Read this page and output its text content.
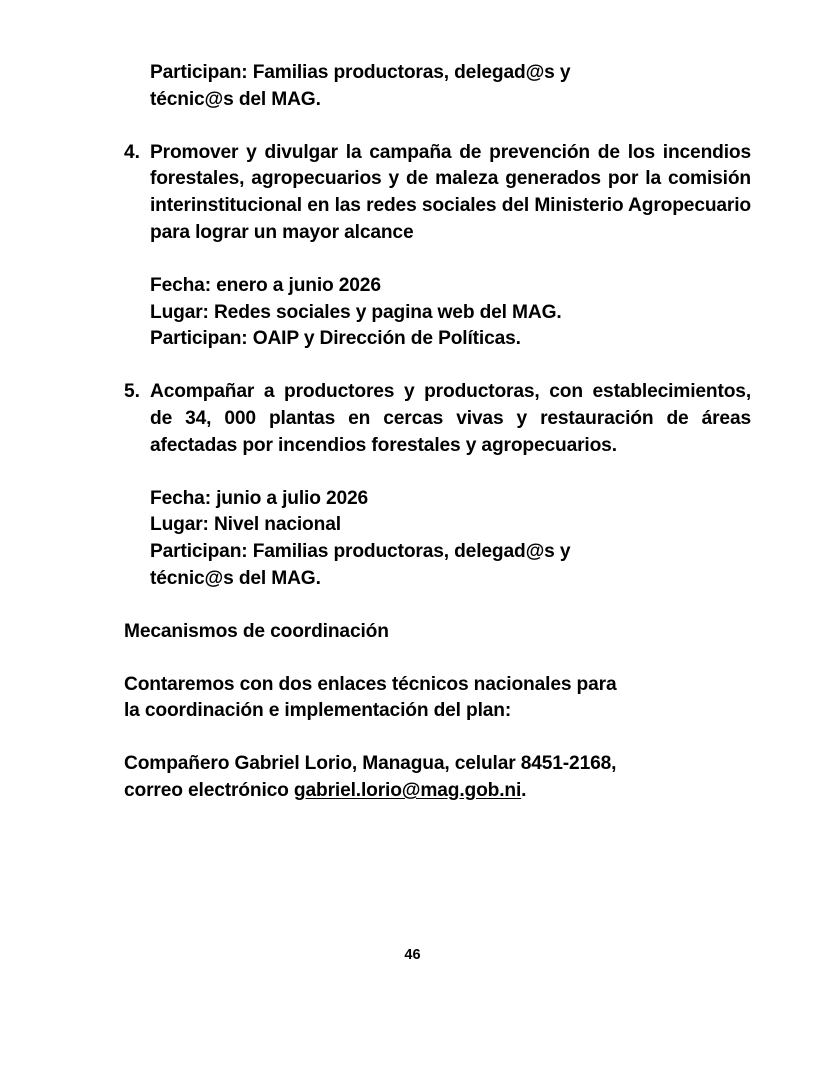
Participan: Familias productoras, delegad@s y
técnic@s del MAG.
4. Promover y divulgar la campaña de prevención de los incendios forestales, agropecuarios y de maleza generados por la comisión interinstitucional en las redes sociales del Ministerio Agropecuario para lograr un mayor alcance
Fecha: enero a junio 2026
Lugar: Redes sociales y pagina web del MAG.
Participan: OAIP y Dirección de Políticas.
5. Acompañar a productores y productoras, con establecimientos, de 34, 000 plantas en cercas vivas y restauración de áreas afectadas por incendios forestales y agropecuarios.
Fecha: junio a julio 2026
Lugar: Nivel nacional
Participan: Familias productoras, delegad@s y
técnic@s del MAG.
Mecanismos de coordinación
Contaremos con dos enlaces técnicos nacionales para
la coordinación e implementación del plan:
Compañero Gabriel Lorio, Managua, celular 8451-2168,
correo electrónico gabriel.lorio@mag.gob.ni.
46
